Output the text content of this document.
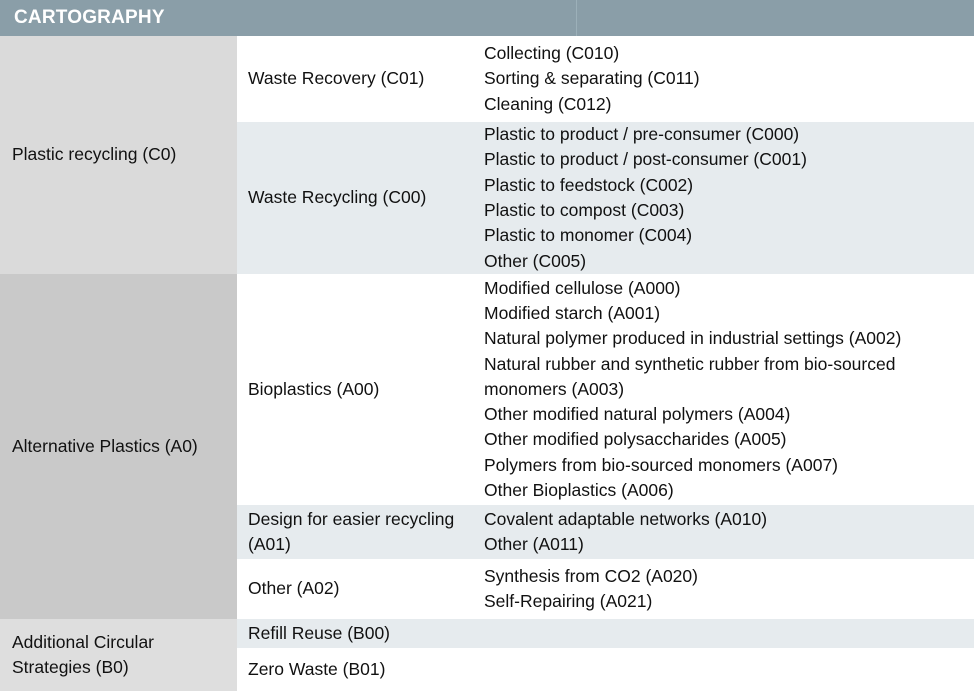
CARTOGRAPHY
Plastic recycling (C0)
Waste Recovery (C01)
Collecting (C010)
Sorting & separating (C011)
Cleaning (C012)
Waste Recycling (C00)
Plastic to product / pre-consumer (C000)
Plastic to product / post-consumer (C001)
Plastic to feedstock (C002)
Plastic to compost (C003)
Plastic to monomer (C004)
Other (C005)
Alternative Plastics (A0)
Bioplastics (A00)
Modified cellulose (A000)
Modified starch (A001)
Natural polymer produced in industrial settings (A002)
Natural rubber and synthetic rubber from bio-sourced monomers (A003)
Other modified natural polymers (A004)
Other modified polysaccharides (A005)
Polymers from bio-sourced monomers (A007)
Other Bioplastics (A006)
Design for easier recycling (A01)
Covalent adaptable networks (A010)
Other (A011)
Other (A02)
Synthesis from CO2 (A020)
Self-Repairing (A021)
Additional Circular Strategies (B0)
Refill Reuse (B00)
Zero Waste (B01)
